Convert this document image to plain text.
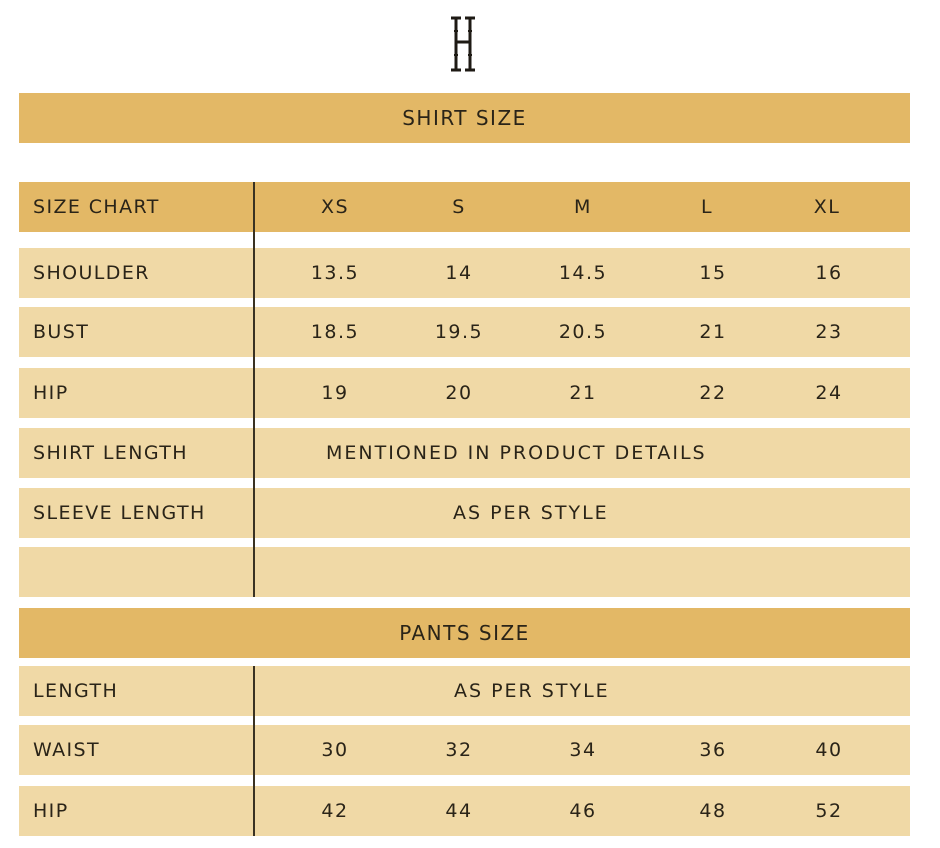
SHIRT SIZE
SIZE CHART	XS	S	M	L	XL
SHOULDER	13.5	14	14.5	15	16
BUST	18.5	19.5	20.5	21	23
HIP	19	20	21	22	24
SHIRT LENGTH	MENTIONED IN PRODUCT DETAILS
SLEEVE LENGTH	AS PER STYLE
PANTS SIZE
LENGTH	AS PER STYLE
WAIST	30	32	34	36	40
HIP	42	44	46	48	52
